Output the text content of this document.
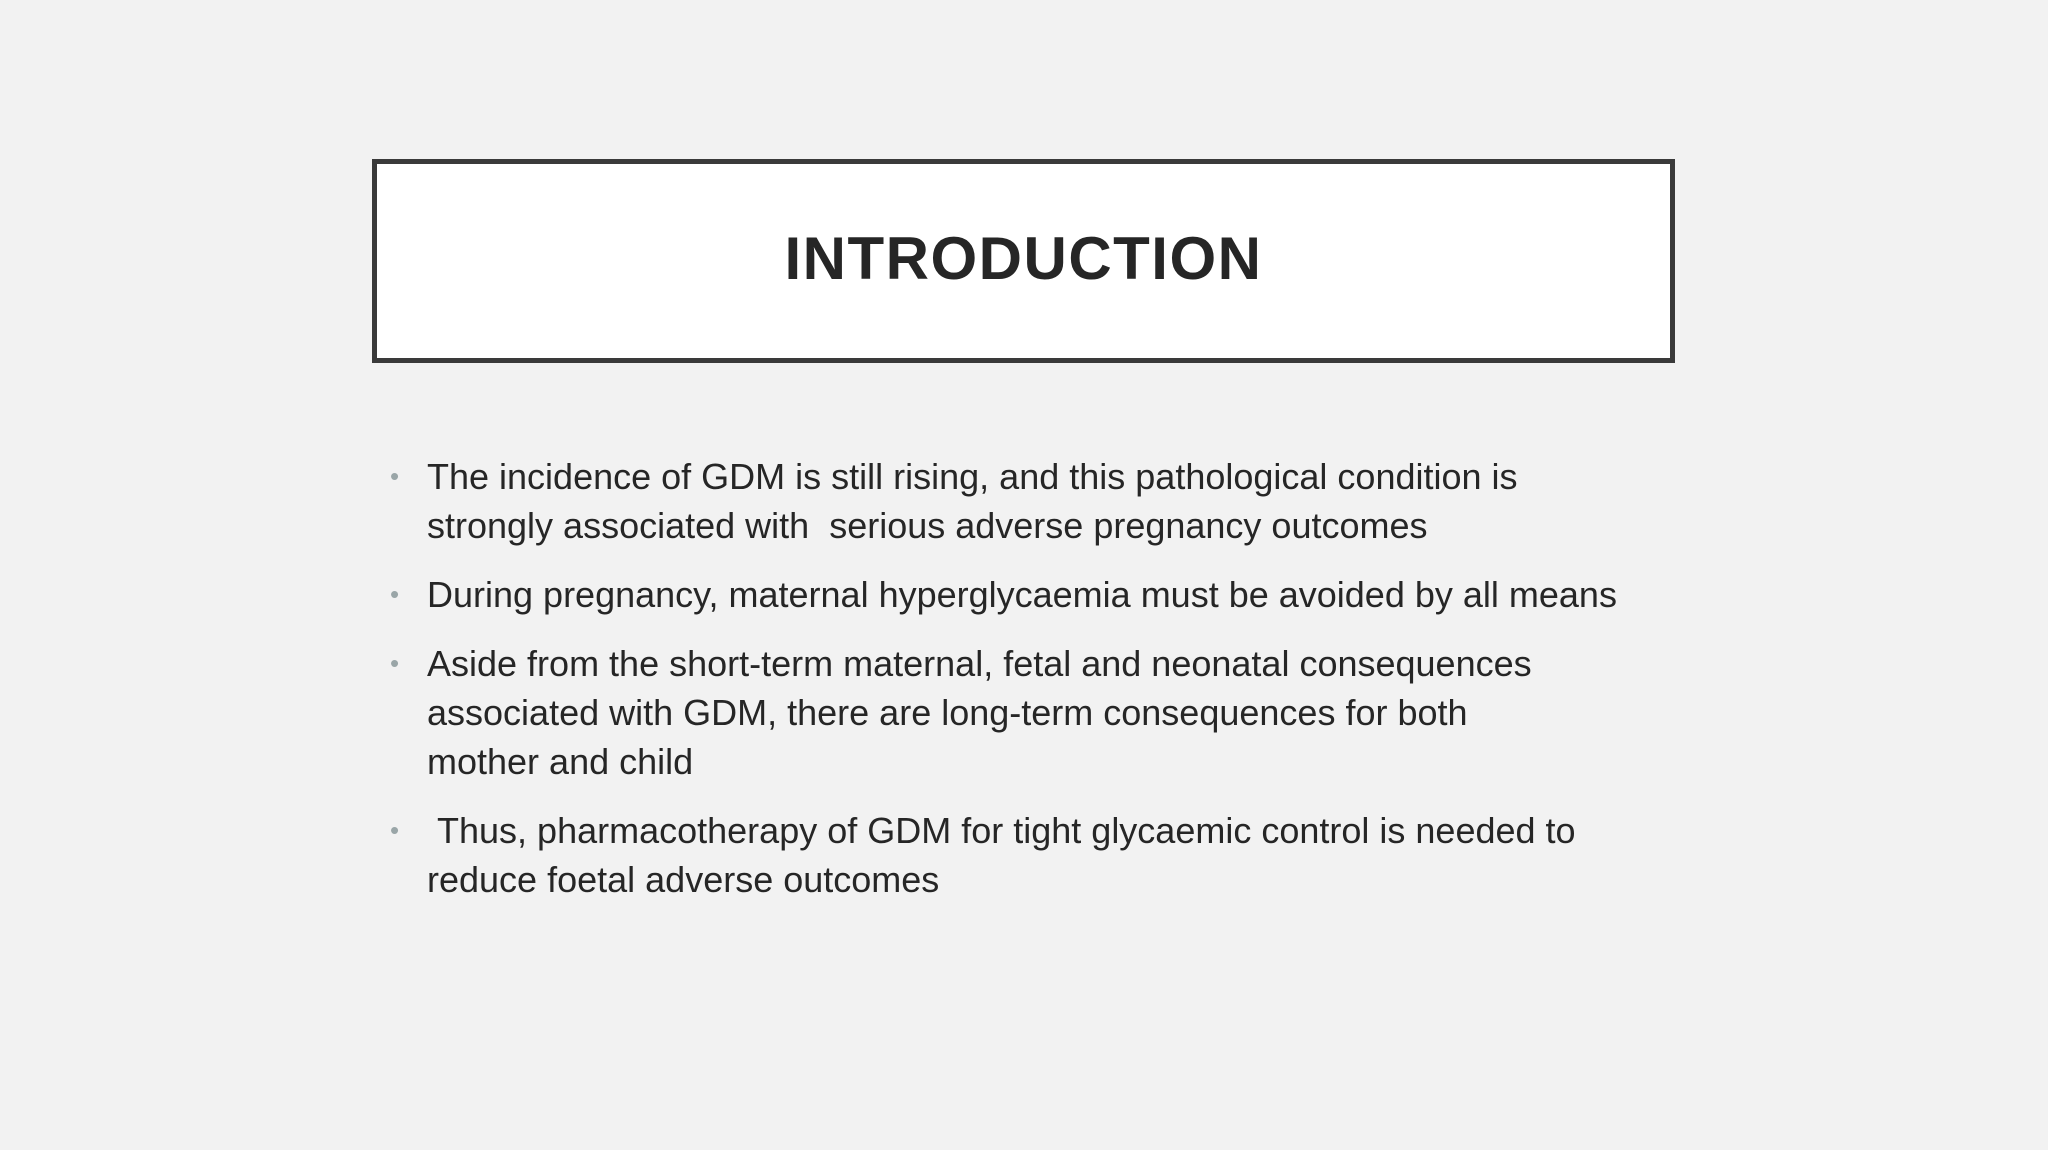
INTRODUCTION
• The incidence of GDM is still rising, and this pathological condition is
strongly associated with  serious adverse pregnancy outcomes
• During pregnancy, maternal hyperglycaemia must be avoided by all means
• Aside from the short-term maternal, fetal and neonatal consequences
associated with GDM, there are long-term consequences for both
mother and child
•	Thus, pharmacotherapy of GDM for tight glycaemic control is needed to
reduce foetal adverse outcomes
